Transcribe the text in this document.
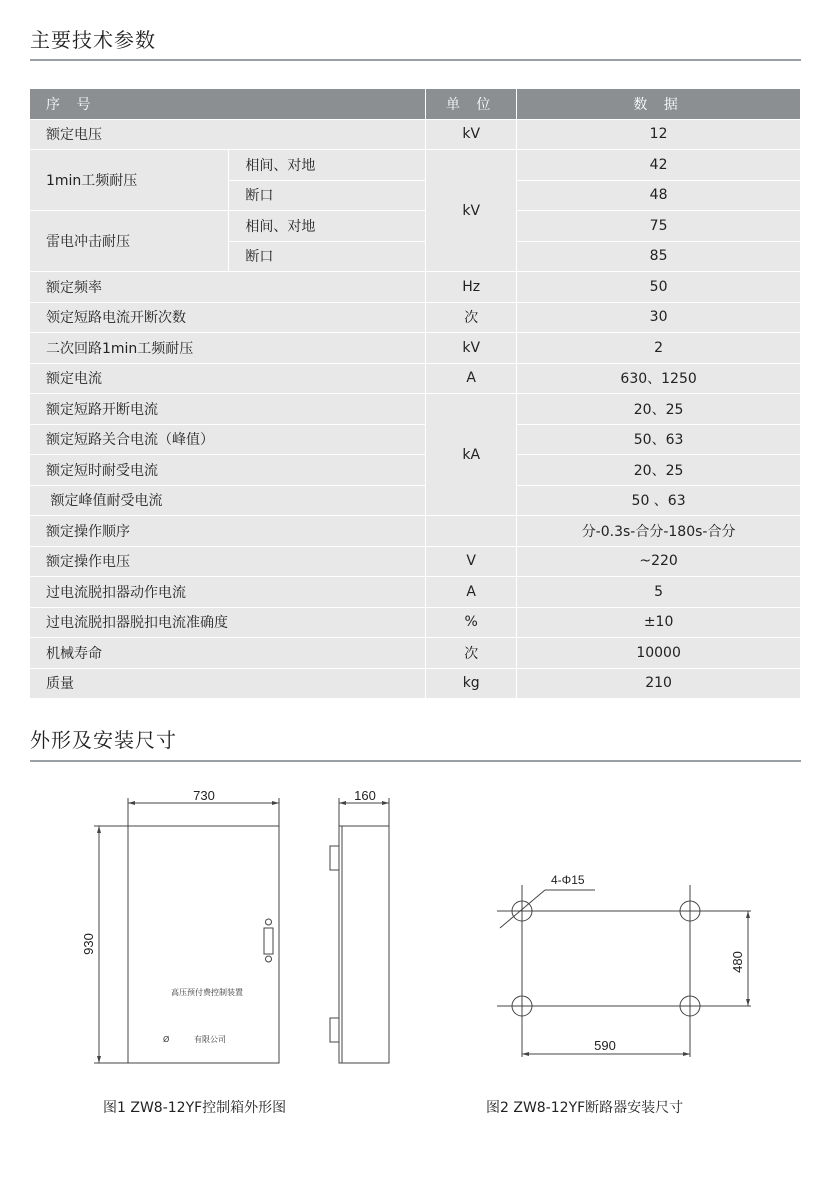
主要技术参数
序 号		单 位	数 据
额定电压		kV	12
1min工频耐压	相间、对地	kV	42
	断口		48
雷电冲击耐压	相间、对地		75
	断口		85
额定频率		Hz	50
领定短路电流开断次数		次	30
二次回路1min工频耐压		kV	2
额定电流		A	630、1250
额定短路开断电流		kA	20、25
额定短路关合电流（峰值）			50、63
额定短时耐受电流			20、25
额定峰值耐受电流			50 、63
额定操作顺序			分-0.3s-合分-180s-合分
额定操作电压		V	~220
过电流脱扣器动作电流		A	5
过电流脱扣器脱扣电流准确度		%	±10
机械寿命		次	10000
质量		kg	210
外形及安装尺寸
730	160
930
高压预付费控制装置
Ø	有限公司
4-Φ15
480
590
图1 ZW8-12YF控制箱外形图	图2 ZW8-12YF断路器安装尺寸
